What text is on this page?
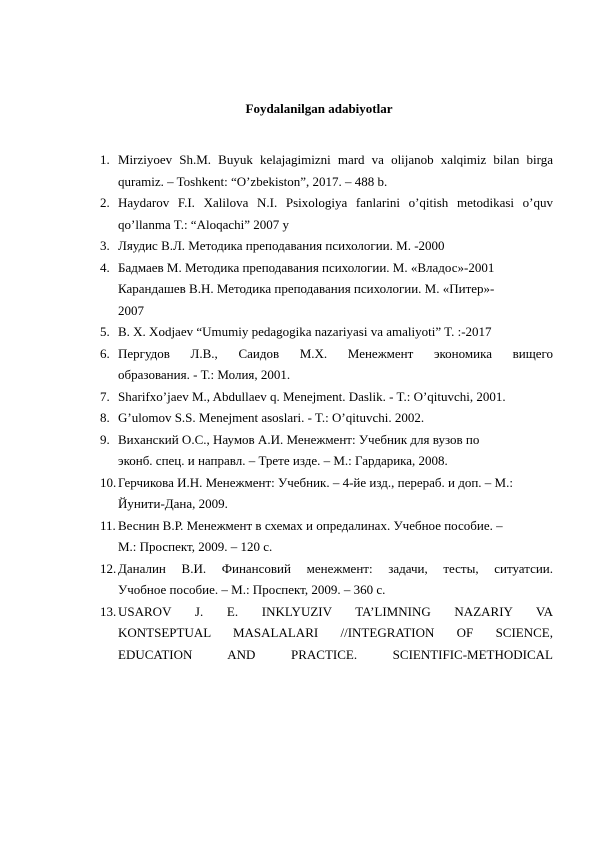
Foydalanilgan adabiyotlar
1. Mirziyoev Sh.M. Buyuk kelajagimizni mard va olijanob xalqimiz bilan birga
quramiz. – Toshkent: “O’zbekiston”, 2017. – 488 b.
2. Haydarov F.I. Xalilova N.I. Psixologiya fanlarini o’qitish metodikasi o’quv
qo’llanma T.: “Aloqachi” 2007 y
3. Ляудис В.Л. Методика преподавания психологии. М. -2000
4. Бадмаев М. Методика преподавания психологии. М. «Владос»-2001
Карандашев В.Н. Методика преподавания психологии. М. «Питер»-
2007
5. B. X. Xodjaev “Umumiy pedagogika nazariyasi va amaliyoti” T. :-2017
6. Пергудов Л.В., Саидов М.Х. Менежмент экономика вищего
образования. - Т.: Молия, 2001.
7. Sharifxo’jaev M., Abdullaev q. Menejment. Daslik. - T.: O’qituvchi, 2001.
8. G’ulomov S.S. Menejment asoslari. - T.: O’qituvchi. 2002.
9. Виханский О.С., Наумов А.И. Менежмент: Учебник для вузов по
эконб. спец. и направл. – Трете изде. – М.: Гардарика, 2008.
10. Герчикова И.Н. Менежмент: Учебник. – 4-йе изд., перераб. и доп. – М.:
Йунити-Дана, 2009.
11. Веснин В.Р. Менежмент в схемах и опредалинах. Учебное пособие. –
М.: Проспект, 2009. – 120 с.
12. Даналин В.И. Финансовий менежмент: задачи, тесты, ситуатсии.
Учобное пособие. – М.: Проспект, 2009. – 360 с.
13. USAROV J. E. INKLYUZIV TA’LIMNING NAZARIY VA
KONTSEPTUAL MASALALARI //INTEGRATION OF SCIENCE,
EDUCATION AND PRACTICE. SCIENTIFIC-METHODICAL
